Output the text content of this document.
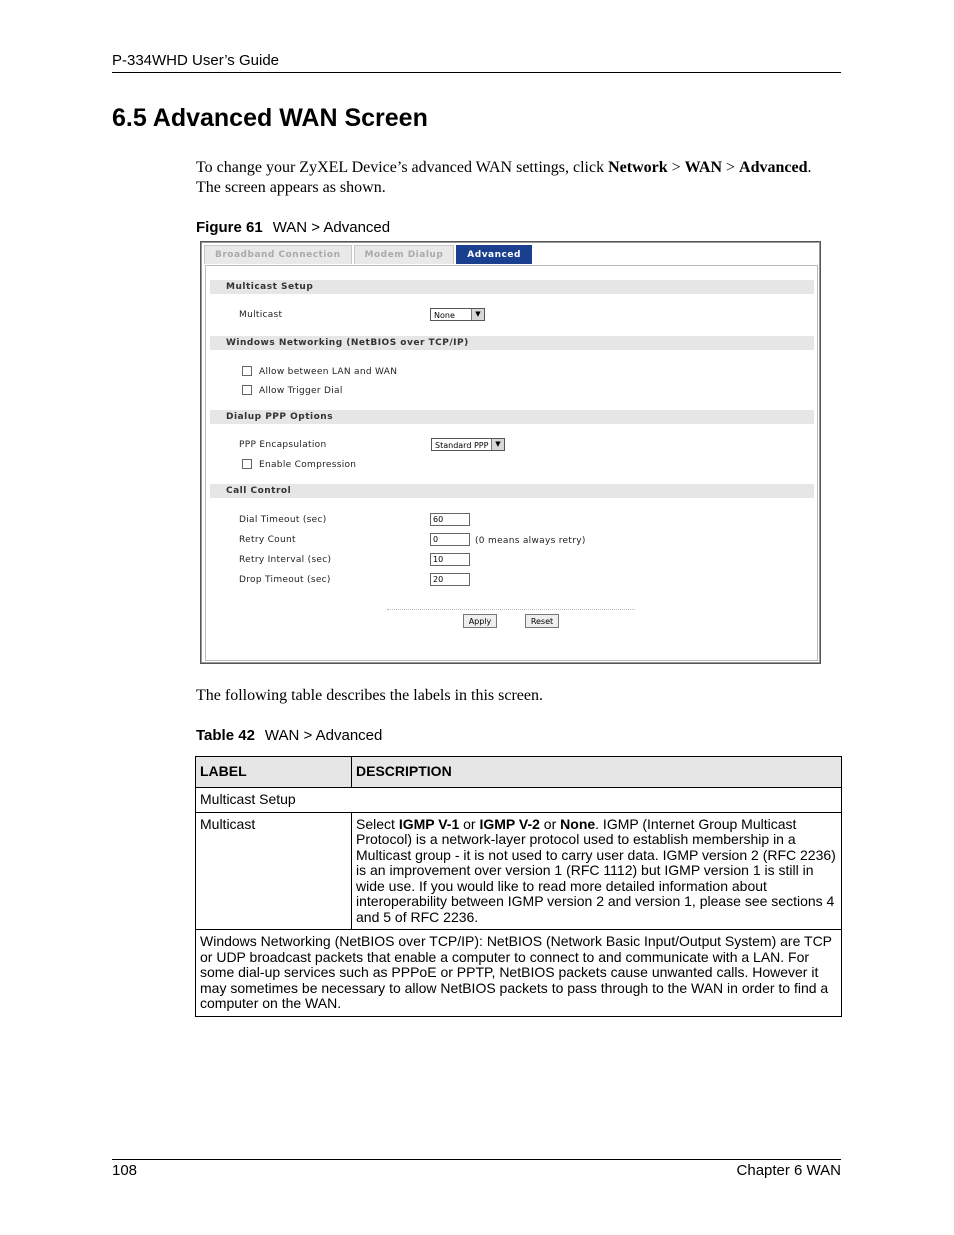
P-334WHD User’s Guide
6.5 Advanced WAN Screen
To change your ZyXEL Device’s advanced WAN settings, click Network > WAN > Advanced. The screen appears as shown.
Figure 61 WAN > Advanced
Broadband Connection	Modem Dialup	Advanced
Multicast Setup
Multicast	None	▼
Windows Networking (NetBIOS over TCP/IP)
Allow between LAN and WAN
Allow Trigger Dial
Dialup PPP Options
PPP Encapsulation	Standard PPP ▼
Enable Compression
Call Control
Dial Timeout (sec)	60
Retry Count	0	(0 means always retry)
Retry Interval (sec)	10
Drop Timeout (sec)	20
Apply	Reset
The following table describes the labels in this screen.
Table 42 WAN > Advanced
LABEL	DESCRIPTION
Multicast Setup	
Multicast	Select IGMP V-1 or IGMP V-2 or None. IGMP (Internet Group Multicast Protocol) is a network-layer protocol used to establish membership in a Multicast group - it is not used to carry user data. IGMP version 2 (RFC 2236) is an improvement over version 1 (RFC 1112) but IGMP version 1 is still in wide use. If you would like to read more detailed information about interoperability between IGMP version 2 and version 1, please see sections 4 and 5 of RFC 2236.
Windows Networking (NetBIOS over TCP/IP): NetBIOS (Network Basic Input/Output System) are TCP or UDP broadcast packets that enable a computer to connect to and communicate with a LAN. For some dial-up services such as PPPoE or PPTP, NetBIOS packets cause unwanted calls. However it may sometimes be necessary to allow NetBIOS packets to pass through to the WAN in order to find a computer on the WAN.	
108	Chapter 6 WAN
